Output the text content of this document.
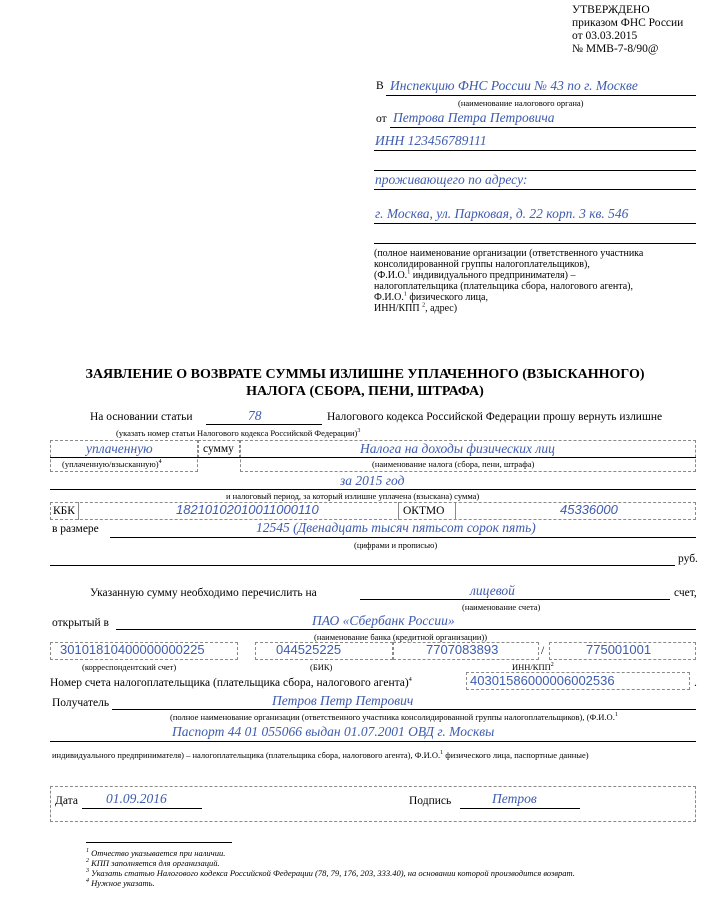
УТВЕРЖДЕНО
приказом ФНС России
от 03.03.2015
№ ММВ-7-8/90@
В Инспекцию ФНС России № 43 по г. Москве
(наименование налогового органа)
от Петрова Петра Петровича
ИНН 123456789111
проживающего по адресу:
г. Москва, ул. Парковая, д. 22 корп. 3 кв. 546
(полное наименование организации (ответственного участника
консолидированной группы налогоплательщиков),
(Ф.И.О.$^1$ индивидуального предпринимателя) –
налогоплательщика (плательщика сбора, налогового агента),
Ф.И.О.$^1$ физического лица,
ИНН/КПП $^2$, адрес)
ЗАЯВЛЕНИЕ О ВОЗВРАТЕ СУММЫ ИЗЛИШНЕ УПЛАЧЕННОГО (ВЗЫСКАННОГО)
НАЛОГА (СБОРА, ПЕНИ, ШТРАФА)
На основании статьи	78	Налогового кодекса Российской Федерации прошу вернуть излишне
(указать номер статьи Налогового кодекса Российской Федерации)$^3$
уплаченную	сумму	Налога на доходы физических лиц
(уплаченную/взысканную)$^4$	(наименование налога (сбора, пени, штрафа)
за 2015 год
и налоговый период, за который излишне уплачена (взыскана) сумма)
КБК	18210102010011000110	ОКТМО	45336000
в размере	12545 (Двенадцать тысяч пятьсот сорок пять)
(цифрами и прописью)
руб.
Указанную сумму необходимо перечислить на	лицевой	счет,
(наименование счета)
открытый в	ПАО «Сбербанк России»
(наименование банка (кредитной организации))
30101810400000000225	044525225	7707083893	/	775001001
(корреспондентский счет)	(БИК)	ИНН/КПП$^2$
Номер счета налогоплательщика (плательщика сбора, налогового агента)$^4$	40301586000006002536	.
Получатель	Петров Петр Петрович
(полное наименование организации (ответственного участника консолидированной группы налогоплательщиков), (Ф.И.О.$^1$
Паспорт 44 01 055066 выдан 01.07.2001 ОВД г. Москвы
индивидуального предпринимателя) – налогоплательщика (плательщика сбора, налогового агента), Ф.И.О.$^1$ физического лица, паспортные данные)
Дата 01.09.2016	Подпись	Петров
$^1$ Отчество указывается при наличии.
$^2$ КПП заполняется для организаций.
$^3$ Указать статью Налогового кодекса Российской Федерации (78, 79, 176, 203, 333.40), на основании которой производится возврат.
$^4$ Нужное указать.
